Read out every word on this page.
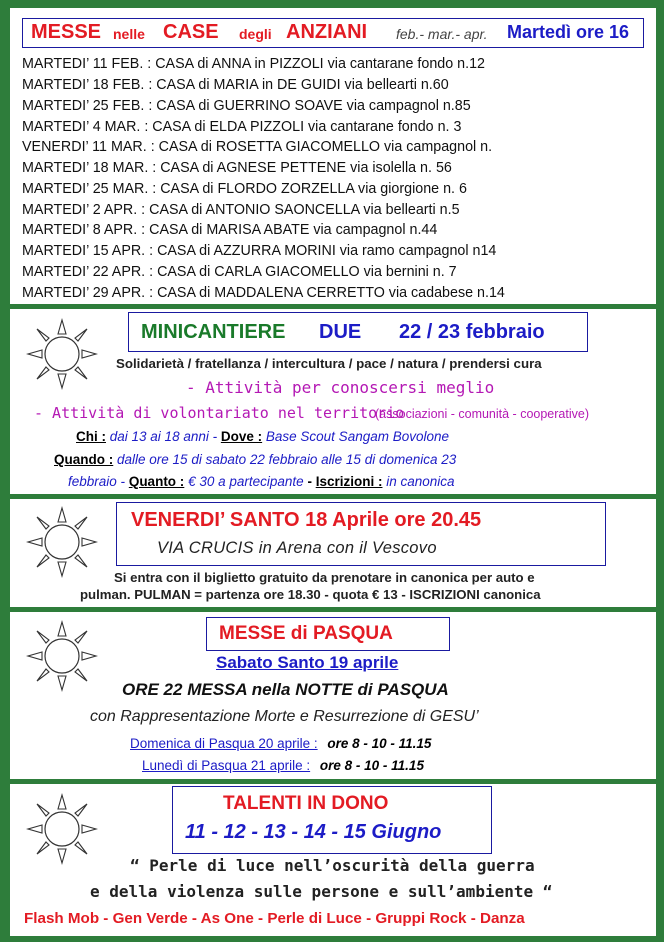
MESSE nelle CASE degli ANZIANI feb.- mar.- apr. Martedì ore 16
MARTEDI’ 11 FEB. : CASA di ANNA in PIZZOLI via cantarane fondo n.12
MARTEDI’ 18 FEB. : CASA di MARIA in DE GUIDI via bellearti n.60
MARTEDI’ 25 FEB. : CASA di GUERRINO SOAVE via campagnol n.85
MARTEDI’ 4 MAR. : CASA di ELDA PIZZOLI via cantarane fondo n. 3
VENERDI’ 11 MAR. : CASA di ROSETTA GIACOMELLO via campagnol n.
MARTEDI’ 18 MAR. : CASA di AGNESE PETTENE via isolella n. 56
MARTEDI’ 25 MAR. : CASA di FLORDO ZORZELLA via giorgione n. 6
MARTEDI’ 2 APR. : CASA di ANTONIO SAONCELLA via bellearti n.5
MARTEDI’ 8 APR. : CASA di MARISA ABATE via campagnol n.44
MARTEDI’ 15 APR. : CASA di AZZURRA MORINI via ramo campagnol n14
MARTEDI’ 22 APR. : CASA di CARLA GIACOMELLO via bernini n. 7
MARTEDI’ 29 APR. : CASA di MADDALENA CERRETTO via cadabese n.14
MINICANTIERE DUE 22 / 23 febbraio
Solidarietà / fratellanza / intercultura / pace / natura / prendersi cura
- Attività per conoscersi meglio
- Attività di volontariato nel territorio
(associazioni - comunità - cooperative)
Chi : dai 13 ai 18 anni - Dove : Base Scout Sangam Bovolone
Quando : dalle ore 15 di sabato 22 febbraio alle 15 di domenica 23
febbraio - Quanto : € 30 a partecipante - Iscrizioni : in canonica
VENERDI’ SANTO 18 Aprile ore 20.45
VIA CRUCIS in Arena con il Vescovo
Si entra con il biglietto gratuito da prenotare in canonica per auto e
pulman. PULMAN = partenza ore 18.30 - quota € 13 - ISCRIZIONI canonica
MESSE di PASQUA
Sabato Santo 19 aprile
ORE 22 MESSA nella NOTTE di PASQUA
con Rappresentazione Morte e Resurrezione di GESU’
Domenica di Pasqua 20 aprile : ore 8 - 10 - 11.15
Lunedì di Pasqua 21 aprile : ore 8 - 10 - 11.15
TALENTI IN DONO
11 - 12 - 13 - 14 - 15 Giugno
“ Perle di luce nell’oscurità della guerra
e della violenza sulle persone e sull’ambiente “
Flash Mob - Gen Verde - As One - Perle di Luce - Gruppi Rock - Danza
